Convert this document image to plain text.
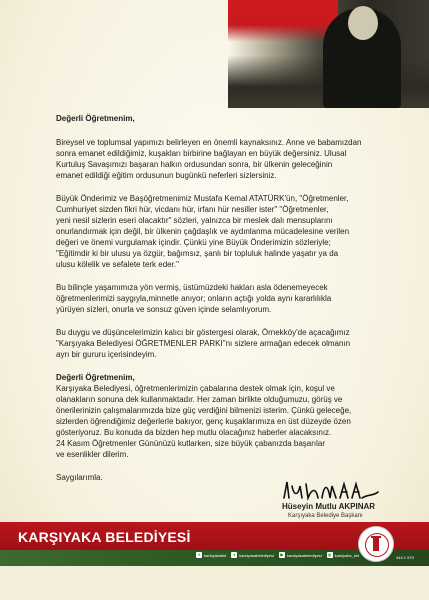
Değerli Öğretmenim,

Bireysel ve toplumsal yapımızı belirleyen en önemli kaynaksınız. Anne ve babamızdan
sonra emanet edildiğimiz, kuşakları birbirine bağlayan en büyük değersiniz. Ulusal
Kurtuluş Savaşımızı başaran halkın ordusundan sonra, bir ülkenin geleceğinin
emanet edildiği eğitim ordusunun bugünkü neferleri sizlersiniz.

Büyük Önderimiz ve Başöğretmenimiz Mustafa Kemal ATATÜRK'ün, "Öğretmenler,
Cumhuriyet sizden fikri hür, vicdanı hür, irfanı hür nesiller ister" "Öğretmenler,
yeni nesil sizlerin eseri olacaktır" sözleri, yalnızca bir meslek dalı mensuplarını
onurlandırmak için değil, bir ülkenin çağdaşlık ve aydınlanma mücadelesine verilen
değeri ve önemi vurgulamak içindir. Çünkü yine Büyük Önderimizin sözleriyle;
"Eğitimdir ki bir ulusu ya özgür, bağımsız, şanlı bir topluluk halinde yaşatır ya da
ulusu kölelik ve sefalete terk eder."

Bu bilinçle yaşamımıza yön vermiş, üstümüzdeki hakları asla ödenemeyecek
öğretmenlerimizi saygıyla,minnetle anıyor; onların açtığı yolda aynı kararlılıkla
yürüyen sizleri, onurla ve sonsuz güven içinde selamlıyorum.

Bu duygu ve düşüncelerimizin kalıcı bir göstergesi olarak, Örnekköy'de açacağımız
"Karşıyaka Belediyesi ÖĞRETMENLER PARKI"nı sizlere armağan edecek olmanın
ayrı bir gururu içerisindeyim.

Değerli Öğretmenim,

Karşıyaka Belediyesi, öğretmenlerimizin çabalarına destek olmak için, koşul ve
olanakların sonuna dek kullanmaktadır. Her zaman birlikte olduğumuzu, görüş ve
önerilerinizin çalışmalarımızda bize güç verdiğini bilmenizi isterim. Çünkü geleceğe,
sizlerden öğrendiğimiz değerlerle bakıyor, genç kuşaklarımıza en üst düzeyde özen
gösteriyoruz. Bu konuda da bizden hep mutlu olacağınız haberler alacaksınız.
24 Kasım Öğretmenler Gününüzü kutlarken, size büyük çabanızda başarılar
ve esenlikler dilerim.

Saygılarımla.

Hüseyin Mutlu AKPINAR
Karşıyaka Belediye Başkanı
KARŞIYAKA BELEDİYESİ
f	karsiyakabld	t	karsiyakabelediyesi	▶ karsiyakabelediyesi	◎ karsiyaka_bel	444 1 570
